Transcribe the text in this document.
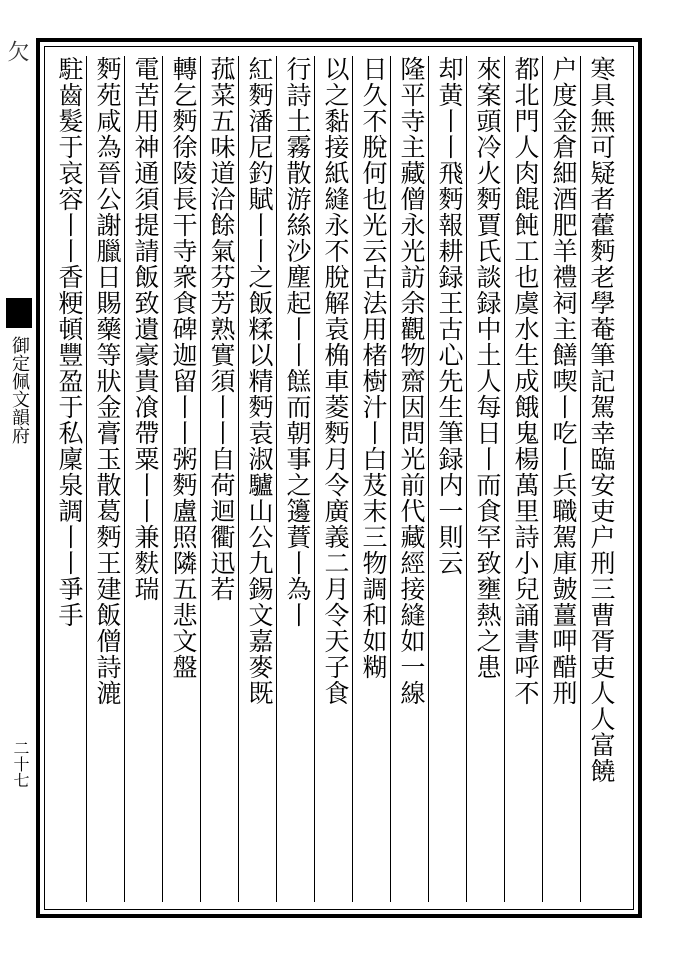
欠
御定佩文韻府
二十七	寒具無可疑者藿麪老學菴筆記駕幸臨安吏户刑三曹胥吏人人富饒
户度金倉細酒肥羊禮祠主饍喫丨吃丨兵職駕庫皷薑呷醋刑
都北門人肉餛飩工也虞水生成餓鬼楊萬里詩小兒誦書呼不
來案頭冷火麪賈氏談録中土人每日丨而食罕致壅熱之患
却黄丨丨飛麪報耕録王古心先生筆録内一則云
隆平寺主藏僧永光訪余觀物齋因問光前代藏經接縫如一線
日久不脫何也光云古法用楮樹汁丨白芨末三物調和如糊
以之黏接紙縫永不脫解袁桷車菱麪月令廣義二月令天子食
行詩土霧散游絲沙塵起丨丨餻而朝事之籩蕡丨為丨
紅麪潘尼釣賦丨丨之飯糅以精麪袁淑驢山公九錫文嘉麥既
菰菜五味道洽餘氣芬芳熟實須丨丨自荷迴衢迅若
轉乞麪徐陵長干寺衆食碑迦留丨丨粥麪盧照隣五悲文盤
電苦用神通須提請飯致遺豪貴飡帶粟丨丨兼麩瑞
麪苑咸為晉公謝臘日賜藥等狀金膏玉散葛麪王建飯僧詩漉
駐齒髮于哀容丨丨香粳頓豐盈于私廩泉調丨丨爭手
